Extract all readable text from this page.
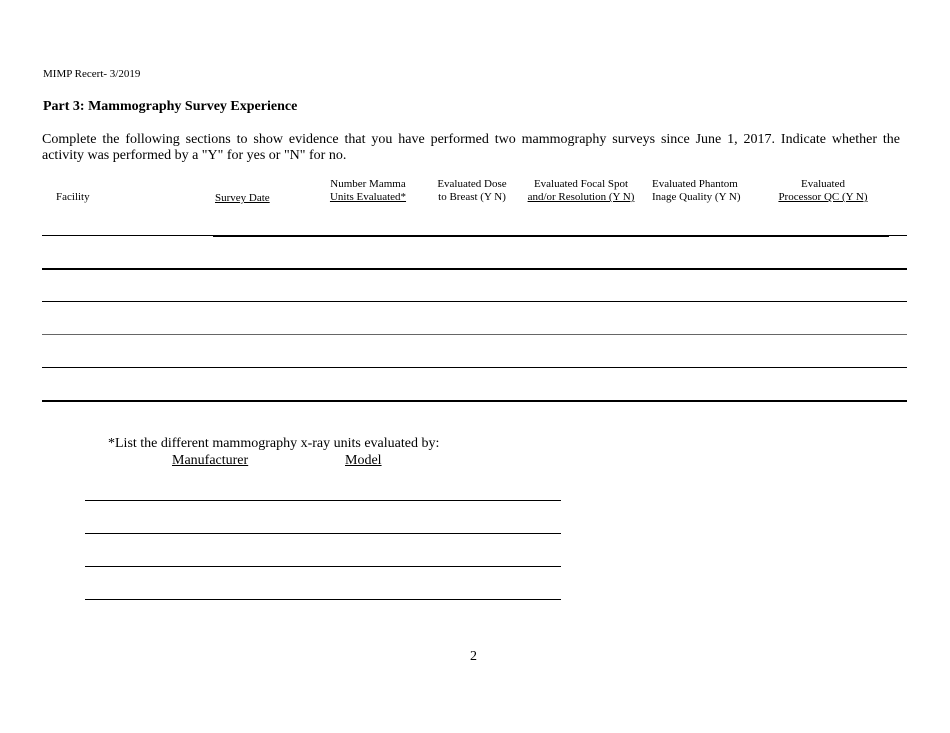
MIMP Recert- 3/2019
Part 3: Mammography Survey Experience
Complete the following sections to show evidence that you have performed two mammography surveys since June 1, 2017. Indicate whether the
activity was performed by a "Y" for yes or "N" for no.
Facility	Survey Date
Number Mamma
Units Evaluated*
Evaluated Dose
to Breast (Y N)
Evaluated Focal Spot
and/or Resolution (Y N)
Evaluated Phantom
Inage Quality (Y N)
Evaluated
Processor QC (Y N)
*List the different mammography x-ray units evaluated by:
Manufacturer	Model
2
